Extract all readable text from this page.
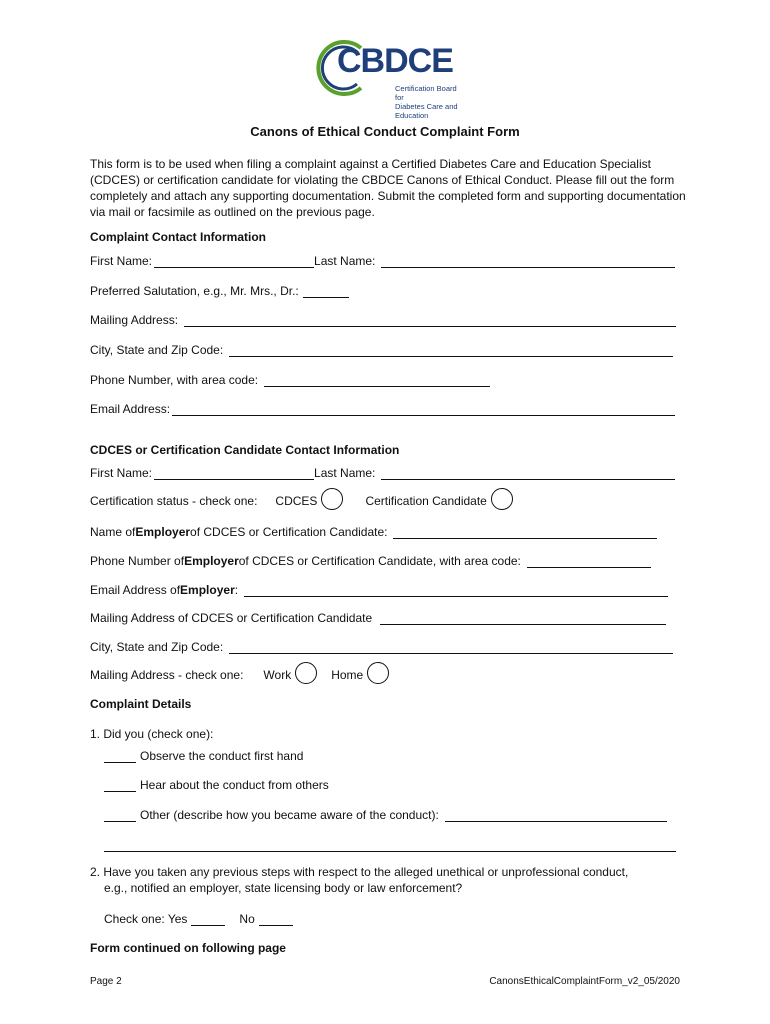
CBDCE
Certification Board for
Diabetes Care and Education
Canons of Ethical Conduct Complaint Form
This form is to be used when filing a complaint against a Certified Diabetes Care and Education Specialist (CDCES) or certification candidate for violating the CBDCE Canons of Ethical Conduct. Please fill out the form completely and attach any supporting documentation. Submit the completed form and supporting documentation via mail or facsimile as outlined on the previous page.
Complaint Contact Information
First Name:	Last Name:
Preferred Salutation, e.g., Mr. Mrs., Dr.:
Mailing Address:
City, State and Zip Code:
Phone Number, with area code:
Email Address:
CDCES or Certification Candidate Contact Information
First Name:	Last Name:
Certification status - check one: CDCES	Certification Candidate
Name of Employer of CDCES or Certification Candidate:
Phone Number of Employer of CDCES or Certification Candidate, with area code:
Email Address of Employer :
Mailing Address of CDCES or Certification Candidate
City, State and Zip Code:
Mailing Address - check one: Work	Home
Complaint Details
1. Did you (check one):
Observe the conduct first hand
Hear about the conduct from others
Other (describe how you became aware of the conduct):
2. Have you taken any previous steps with respect to the alleged unethical or unprofessional conduct,
e.g., notified an employer, state licensing body or law enforcement?
Check one: Yes	No
Form continued on following page
Page 2	CanonsEthicalComplaintForm_v2_05/2020
